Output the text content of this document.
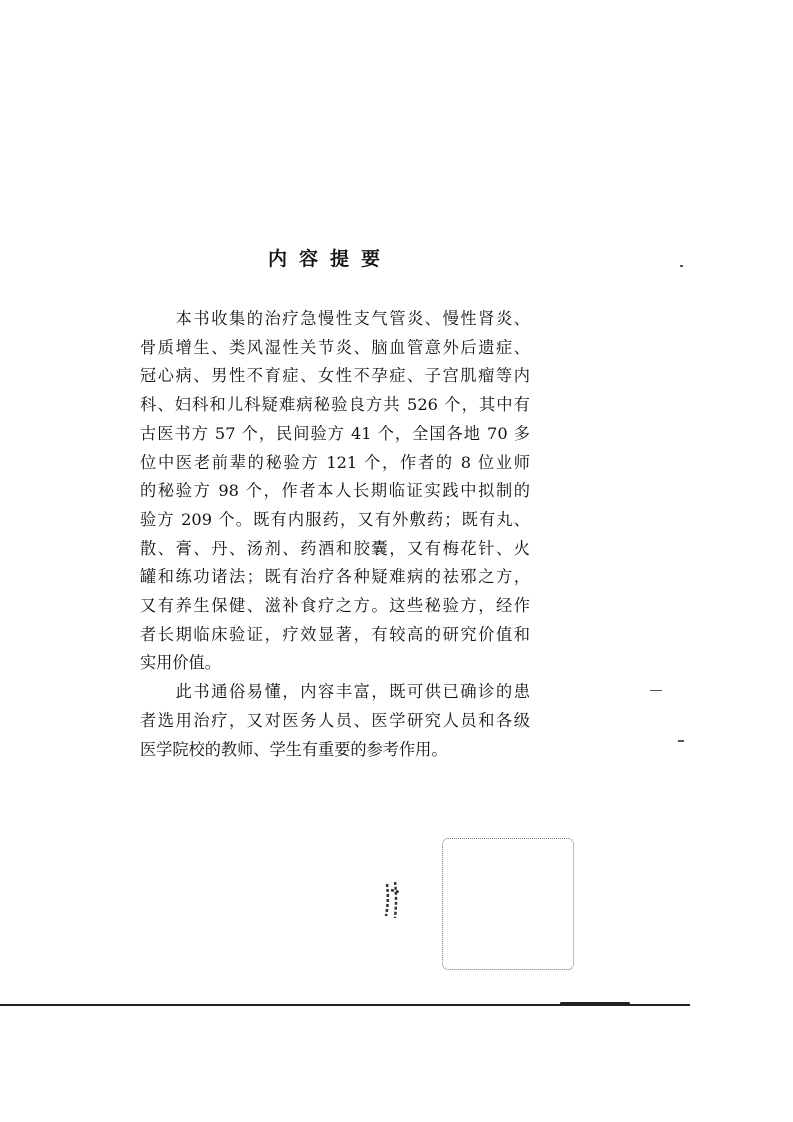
内容提要
　　本书收集的治疗急慢性支气管炎、慢性肾炎、
骨质增生、类风湿性关节炎、脑血管意外后遗症、
冠心病、男性不育症、女性不孕症、子宫肌瘤等内
科、妇科和儿科疑难病秘验良方共 526 个，其中有
古医书方 57 个，民间验方 41 个，全国各地 70 多
位中医老前辈的秘验方 121 个，作者的 8 位业师
的秘验方 98 个，作者本人长期临证实践中拟制的
验方 209 个。既有内服药，又有外敷药；既有丸、
散、膏、丹、汤剂、药酒和胶囊，又有梅花针、火
罐和练功诸法；既有治疗各种疑难病的祛邪之方，
又有养生保健、滋补食疗之方。这些秘验方，经作
者长期临床验证，疗效显著，有较高的研究价值和
实用价值。
　　此书通俗易懂，内容丰富，既可供已确诊的患
者选用治疗，又对医务人员、医学研究人员和各级
医学院校的教师、学生有重要的参考作用。
